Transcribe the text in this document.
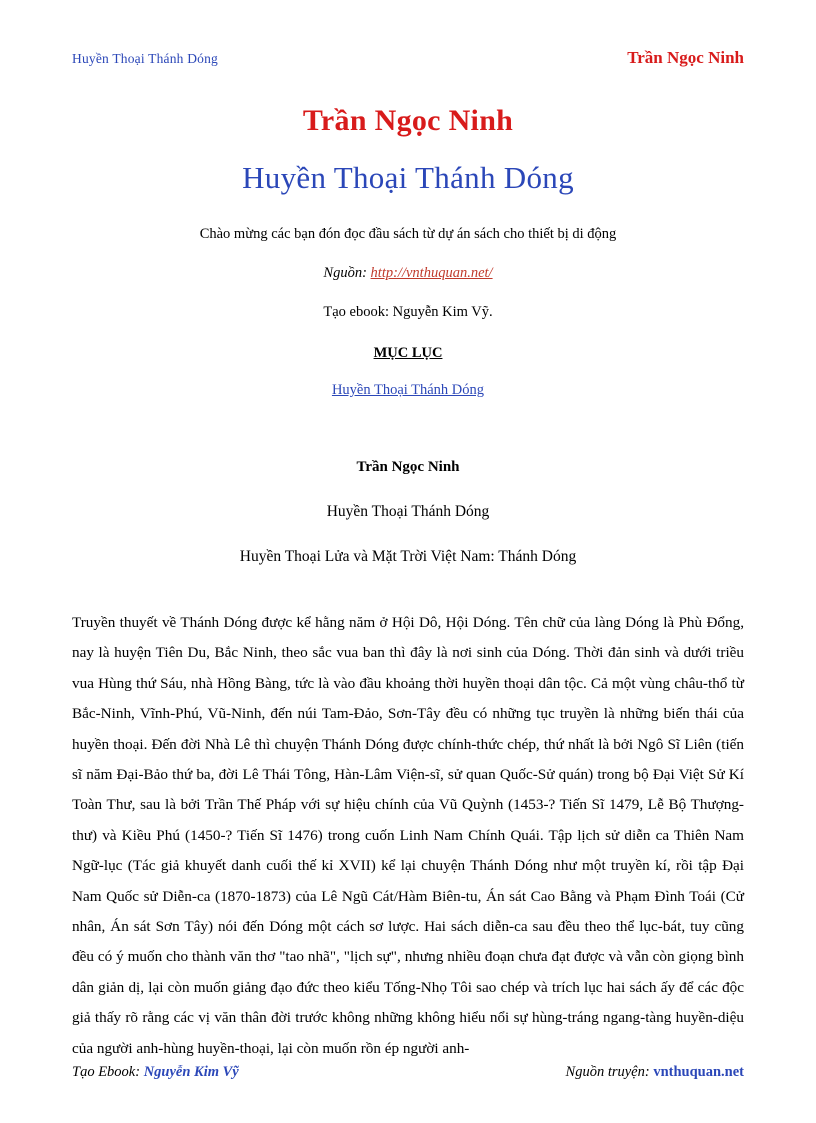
Huyền Thoại Thánh Dóng	Trần Ngọc Ninh
Trần Ngọc Ninh
Huyền Thoại Thánh Dóng
Chào mừng các bạn đón đọc đầu sách từ dự án sách cho thiết bị di động
Nguồn: http://vnthuquan.net/
Tạo ebook: Nguyễn Kim Vỹ.
MỤC LỤC
Huyền Thoại Thánh Dóng
Trần Ngọc Ninh
Huyền Thoại Thánh Dóng
Huyền Thoại Lửa và Mặt Trời Việt Nam: Thánh Dóng
Truyền thuyết về Thánh Dóng được kể hằng năm ở Hội Dô, Hội Dóng. Tên chữ của làng Dóng là Phù Đổng, nay là huyện Tiên Du, Bắc Ninh, theo sắc vua ban thì đây là nơi sinh của Dóng. Thời đản sinh và dưới triều vua Hùng thứ Sáu, nhà Hồng Bàng, tức là vào đầu khoảng thời huyền thoại dân tộc. Cả một vùng châu-thổ từ Bắc-Ninh, Vĩnh-Phú, Vũ-Ninh, đến núi Tam-Đảo, Sơn-Tây đều có những tục truyền là những biến thái của huyền thoại. Đến đời Nhà Lê thì chuyện Thánh Dóng được chính-thức chép, thứ nhất là bởi Ngô Sĩ Liên (tiến sĩ năm Đại-Bảo thứ ba, đời Lê Thái Tông, Hàn-Lâm Viện-sĩ, sử quan Quốc-Sử quán) trong bộ Đại Việt Sử Kí Toàn Thư, sau là bởi Trần Thế Pháp với sự hiệu chính của Vũ Quỳnh (1453-? Tiến Sĩ 1479, Lễ Bộ Thượng-thư) và Kiều Phú (1450-? Tiến Sĩ 1476) trong cuốn Linh Nam Chính Quái. Tập lịch sử diễn ca Thiên Nam Ngữ-lục (Tác giả khuyết danh cuối thế kỉ XVII) kể lại chuyện Thánh Dóng như một truyền kí, rồi tập Đại Nam Quốc sử Diễn-ca (1870-1873) của Lê Ngũ Cát/Hàm Biên-tu, Án sát Cao Bằng và Phạm Đình Toái (Cử nhân, Án sát Sơn Tây) nói đến Dóng một cách sơ lược. Hai sách diễn-ca sau đều theo thể lục-bát, tuy cũng đều có ý muốn cho thành văn thơ "tao nhã", "lịch sự", nhưng nhiều đoạn chưa đạt được và vẫn còn giọng bình dân giản dị, lại còn muốn giảng đạo đức theo kiểu Tống-Nhọ Tôi sao chép và trích lục hai sách ấy để các độc giả thấy rõ rằng các vị văn thân đời trước không những không hiểu nổi sự hùng-tráng ngang-tàng huyền-diệu của người anh-hùng huyền-thoại, lại còn muốn rồn ép người anh-
Tạo Ebook: Nguyễn Kim Vỹ	Nguồn truyện: vnthuquan.net
